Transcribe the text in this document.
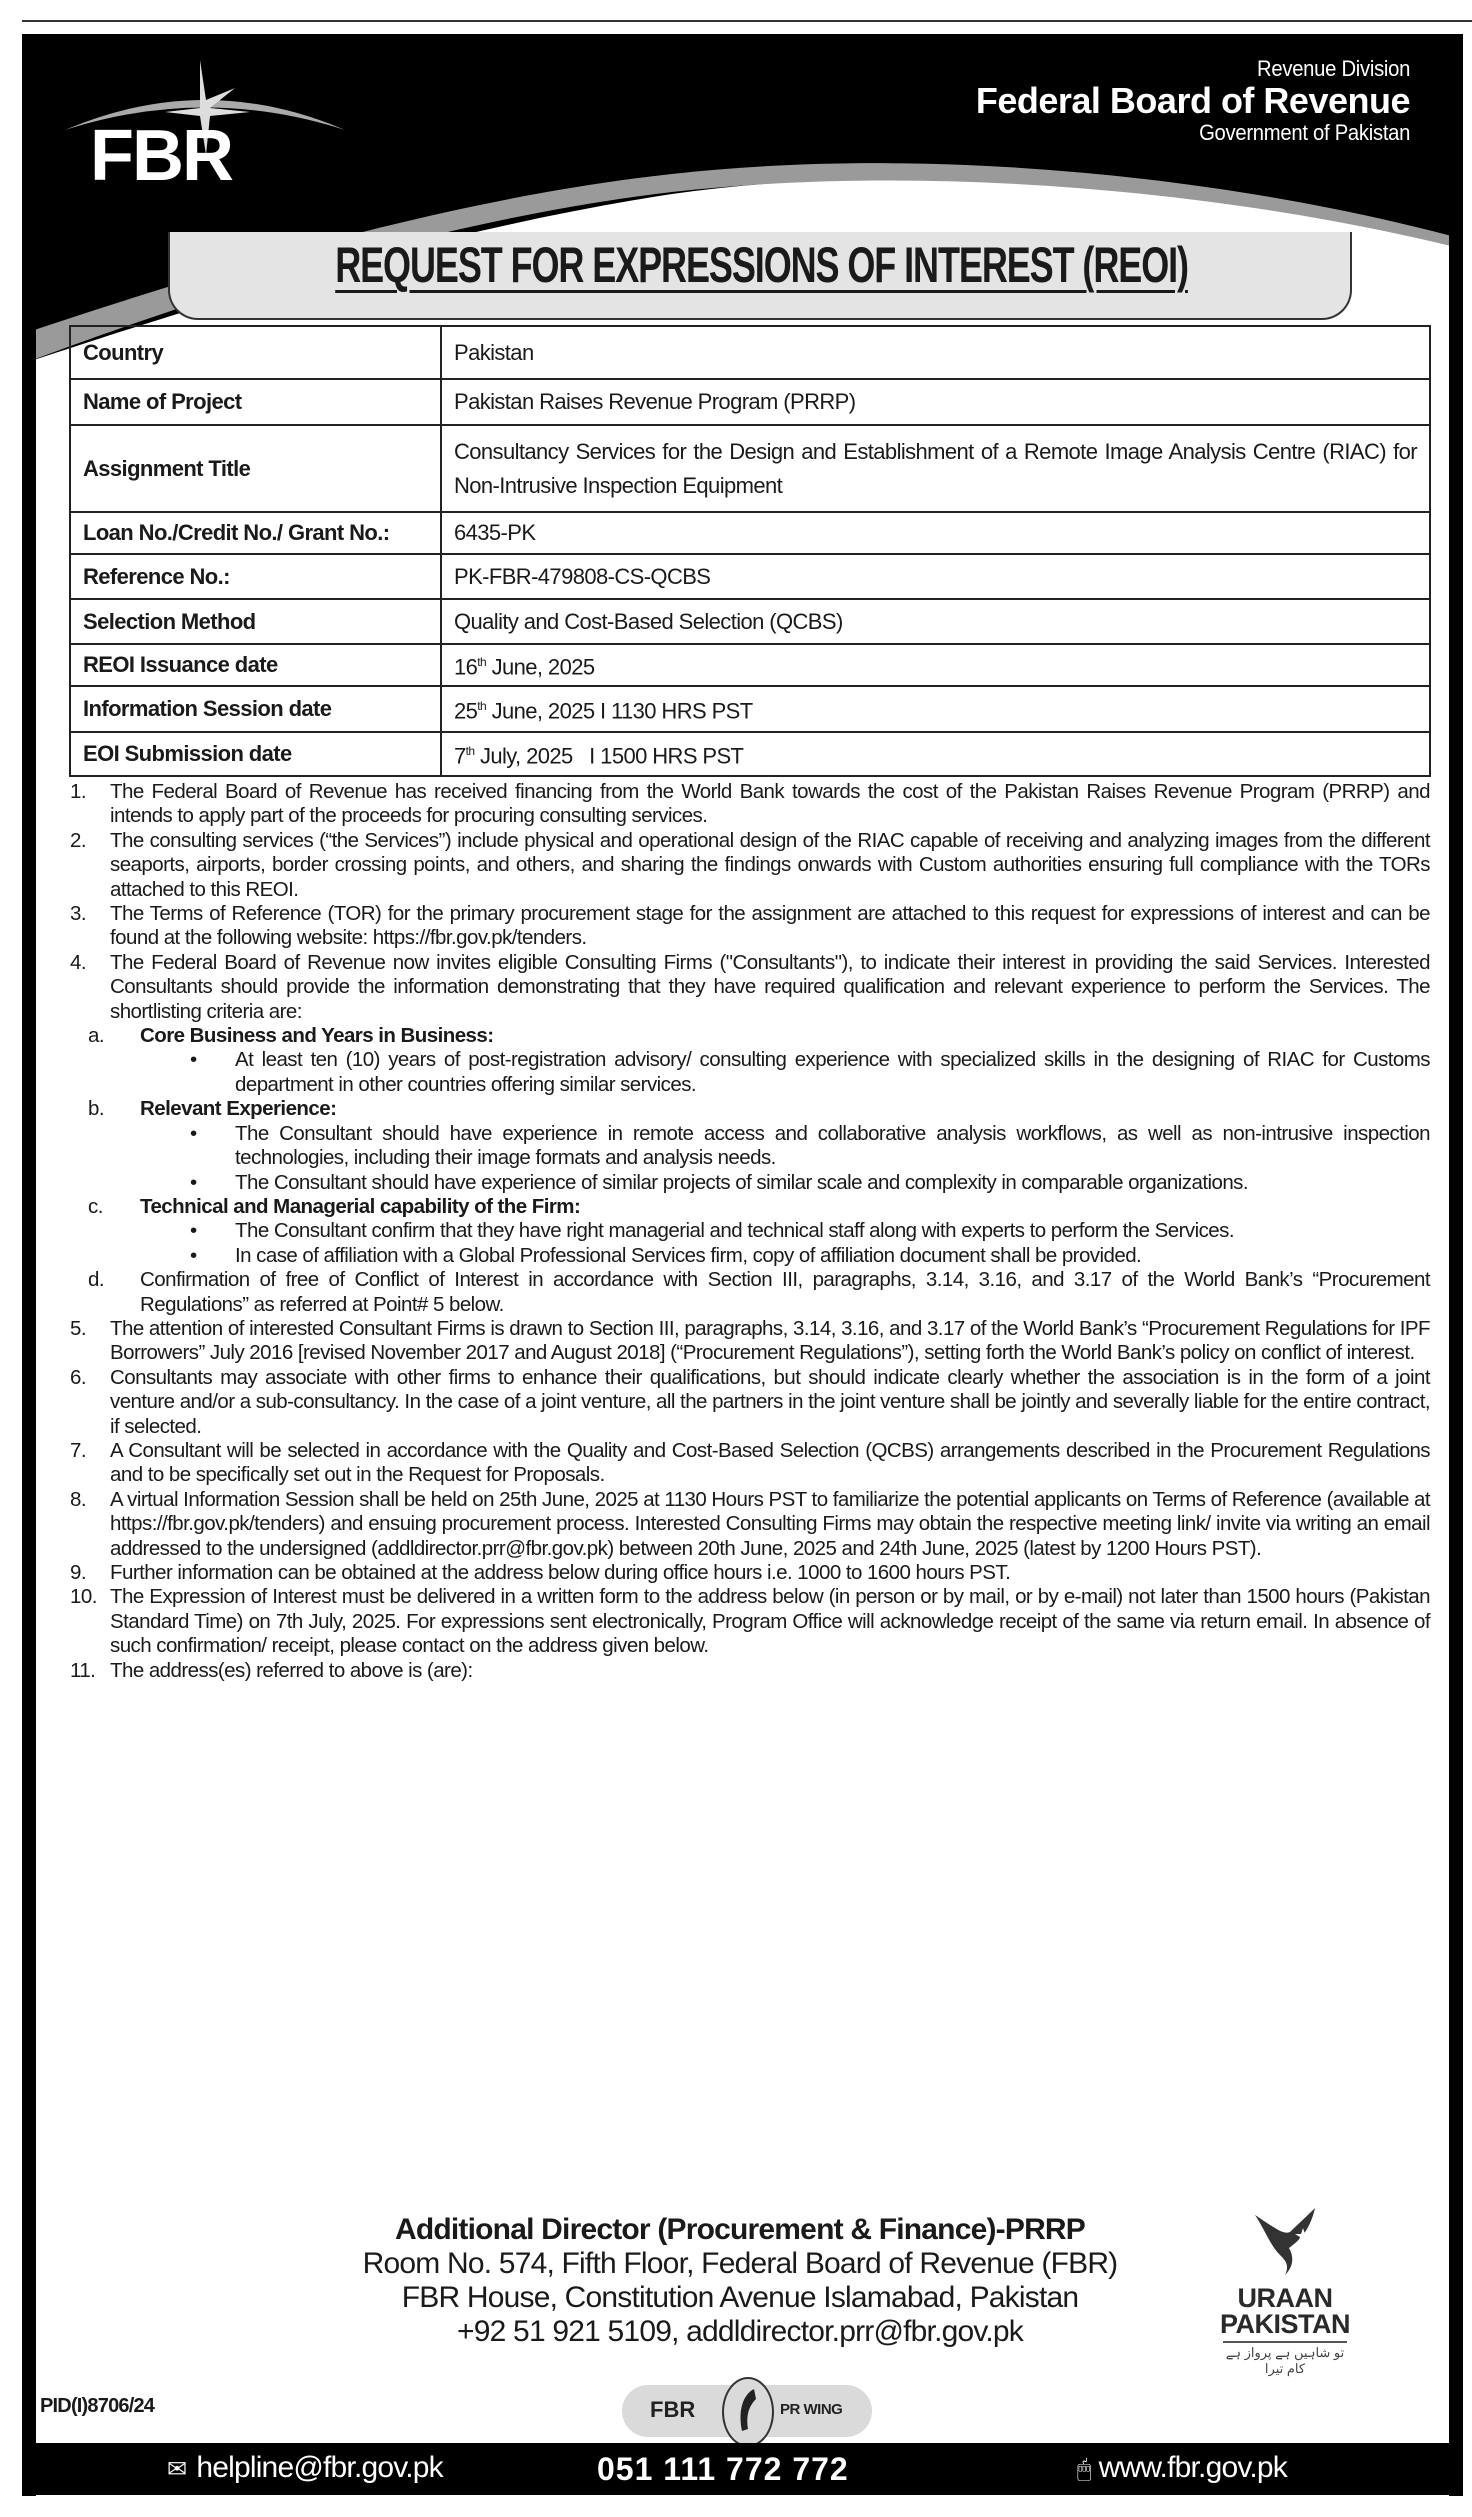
FBR
Revenue Division
Federal Board of Revenue
Government of Pakistan
REQUEST FOR EXPRESSIONS OF INTEREST (REOI)
Country	Pakistan
Name of Project	Pakistan Raises Revenue Program (PRRP)
Assignment Title	Consultancy Services for the Design and Establishment of a Remote Image Analysis Centre (RIAC) for Non-Intrusive Inspection Equipment
Loan No./Credit No./ Grant No.:	6435-PK
Reference No.:	PK-FBR-479808-CS-QCBS
Selection Method	Quality and Cost-Based Selection (QCBS)
REOI Issuance date	16th June, 2025
Information Session date	25th June, 2025 I 1130 HRS PST
EOI Submission date	7th July, 2025   I 1500 HRS PST
1. The Federal Board of Revenue has received financing from the World Bank towards the cost of the Pakistan Raises Revenue Program (PRRP) and intends to apply part of the proceeds for procuring consulting services.
2. The consulting services (“the Services”) include physical and operational design of the RIAC capable of receiving and analyzing images from the different seaports, airports, border crossing points, and others, and sharing the findings onwards with Custom authorities ensuring full compliance with the TORs attached to this REOI.
3. The Terms of Reference (TOR) for the primary procurement stage for the assignment are attached to this request for expressions of interest and can be found at the following website: https://fbr.gov.pk/tenders.
4. The Federal Board of Revenue now invites eligible Consulting Firms ("Consultants"), to indicate their interest in providing the said Services. Interested Consultants should provide the information demonstrating that they have required qualification and relevant experience to perform the Services. The shortlisting criteria are:
a. Core Business and Years in Business:
• At least ten (10) years of post-registration advisory/ consulting experience with specialized skills in the designing of RIAC for Customs department in other countries offering similar services.
b. Relevant Experience:
• The Consultant should have experience in remote access and collaborative analysis workflows, as well as non-intrusive inspection technologies, including their image formats and analysis needs.
• The Consultant should have experience of similar projects of similar scale and complexity in comparable organizations.
c. Technical and Managerial capability of the Firm:
• The Consultant confirm that they have right managerial and technical staff along with experts to perform the Services.
• In case of affiliation with a Global Professional Services firm, copy of affiliation document shall be provided.
d. Confirmation of free of Conflict of Interest in accordance with Section III, paragraphs, 3.14, 3.16, and 3.17 of the World Bank’s “Procurement Regulations” as referred at Point# 5 below.
5. The attention of interested Consultant Firms is drawn to Section III, paragraphs, 3.14, 3.16, and 3.17 of the World Bank’s “Procurement Regulations for IPF Borrowers” July 2016 [revised November 2017 and August 2018] (“Procurement Regulations”), setting forth the World Bank’s policy on conflict of interest.
6. Consultants may associate with other firms to enhance their qualifications, but should indicate clearly whether the association is in the form of a joint venture and/or a sub-consultancy. In the case of a joint venture, all the partners in the joint venture shall be jointly and severally liable for the entire contract, if selected.
7. A Consultant will be selected in accordance with the Quality and Cost-Based Selection (QCBS) arrangements described in the Procurement Regulations and to be specifically set out in the Request for Proposals.
8. A virtual Information Session shall be held on 25th June, 2025 at 1130 Hours PST to familiarize the potential applicants on Terms of Reference (available at https://fbr.gov.pk/tenders) and ensuing procurement process. Interested Consulting Firms may obtain the respective meeting link/ invite via writing an email addressed to the undersigned (addldirector.prr@fbr.gov.pk) between 20th June, 2025 and 24th June, 2025 (latest by 1200 Hours PST).
9. Further information can be obtained at the address below during office hours i.e. 1000 to 1600 hours PST.
10. The Expression of Interest must be delivered in a written form to the address below (in person or by mail, or by e-mail) not later than 1500 hours (Pakistan Standard Time) on 7th July, 2025. For expressions sent electronically, Program Office will acknowledge receipt of the same via return email. In absence of such confirmation/ receipt, please contact on the address given below.
11. The address(es) referred to above is (are):
Additional Director (Procurement & Finance)-PRRP
Room No. 574, Fifth Floor, Federal Board of Revenue (FBR)
FBR House, Constitution Avenue Islamabad, Pakistan
+92 51 921 5109, addldirector.prr@fbr.gov.pk
URAAN
PAKISTAN
تو شاہیں ہے پرواز ہے کام تیرا
PID(I)8706/24	FBR	PR WING
✉ helpline@fbr.gov.pk	051 111 772 772	🖱 www.fbr.gov.pk
